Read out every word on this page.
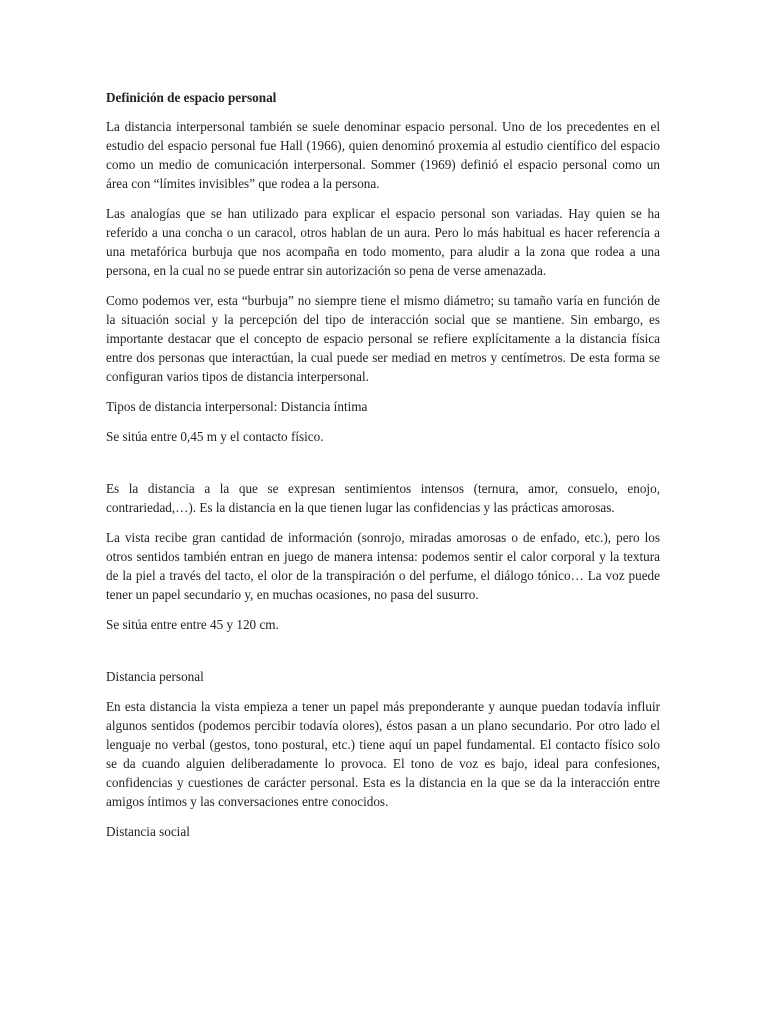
Definición de espacio personal

La distancia interpersonal también se suele denominar espacio personal. Uno de los precedentes en el estudio del espacio personal fue Hall (1966), quien denominó proxemia al estudio científico del espacio como un medio de comunicación interpersonal. Sommer (1969) definió el espacio personal como un área con “límites invisibles” que rodea a la persona.

Las analogías que se han utilizado para explicar el espacio personal son variadas. Hay quien se ha referido a una concha o un caracol, otros hablan de un aura. Pero lo más habitual es hacer referencia a una metafórica burbuja que nos acompaña en todo momento, para aludir a la zona que rodea a una persona, en la cual no se puede entrar sin autorización so pena de verse amenazada.

Como podemos ver, esta “burbuja” no siempre tiene el mismo diámetro; su tamaño varía en función de la situación social y la percepción del tipo de interacción social que se mantiene. Sin embargo, es importante destacar que el concepto de espacio personal se refiere explícitamente a la distancia física entre dos personas que interactúan, la cual puede ser mediad en metros y centímetros. De esta forma se configuran varios tipos de distancia interpersonal.

Tipos de distancia interpersonal: Distancia íntima

Se sitúa entre 0,45 m y el contacto físico.

Es la distancia a la que se expresan sentimientos intensos (ternura, amor, consuelo, enojo, contrariedad,…). Es la distancia en la que tienen lugar las confidencias y las prácticas amorosas.

La vista recibe gran cantidad de información (sonrojo, miradas amorosas o de enfado, etc.), pero los otros sentidos también entran en juego de manera intensa: podemos sentir el calor corporal y la textura de la piel a través del tacto, el olor de la transpiración o del perfume, el diálogo tónico… La voz puede tener un papel secundario y, en muchas ocasiones, no pasa del susurro.

Se sitúa entre entre 45 y 120 cm.

Distancia personal

En esta distancia la vista empieza a tener un papel más preponderante y aunque puedan todavía influir algunos sentidos (podemos percibir todavía olores), éstos pasan a un plano secundario. Por otro lado el lenguaje no verbal (gestos, tono postural, etc.) tiene aquí un papel fundamental. El contacto físico solo se da cuando alguien deliberadamente lo provoca. El tono de voz es bajo, ideal para confesiones, confidencias y cuestiones de carácter personal. Esta es la distancia en la que se da la interacción entre amigos íntimos y las conversaciones entre conocidos.

Distancia social
